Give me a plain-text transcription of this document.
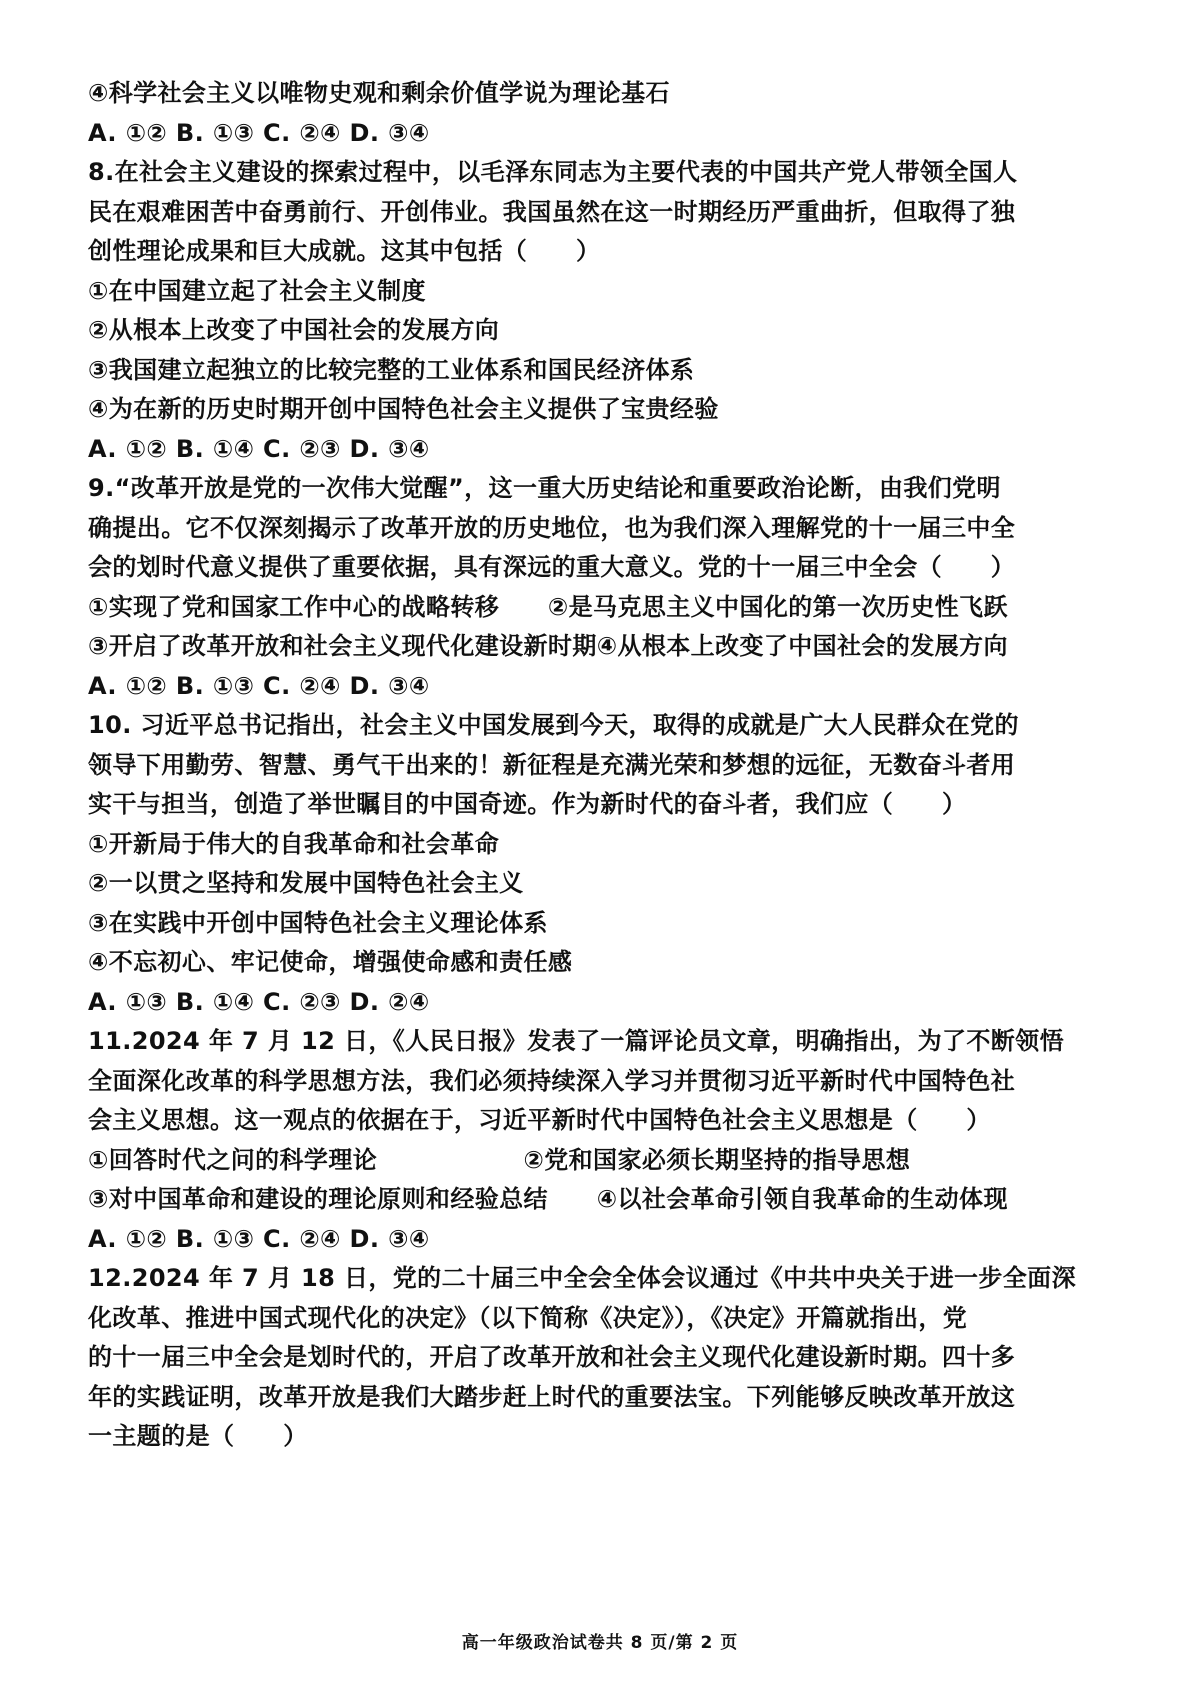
④科学社会主义以唯物史观和剩余价值学说为理论基石
A. ①② B. ①③ C. ②④ D. ③④
8.在社会主义建设的探索过程中，以毛泽东同志为主要代表的中国共产党人带领全国人
民在艰难困苦中奋勇前行、开创伟业。我国虽然在这一时期经历严重曲折，但取得了独
创性理论成果和巨大成就。这其中包括（　　）
①在中国建立起了社会主义制度
②从根本上改变了中国社会的发展方向
③我国建立起独立的比较完整的工业体系和国民经济体系
④为在新的历史时期开创中国特色社会主义提供了宝贵经验
A. ①② B. ①④ C. ②③ D. ③④
9.“改革开放是党的一次伟大觉醒”，这一重大历史结论和重要政治论断，由我们党明
确提出。它不仅深刻揭示了改革开放的历史地位，也为我们深入理解党的十一届三中全
会的划时代意义提供了重要依据，具有深远的重大意义。党的十一届三中全会（　　）
①实现了党和国家工作中心的战略转移　　②是马克思主义中国化的第一次历史性飞跃
③开启了改革开放和社会主义现代化建设新时期④从根本上改变了中国社会的发展方向
A. ①② B. ①③ C. ②④ D. ③④
10. 习近平总书记指出，社会主义中国发展到今天，取得的成就是广大人民群众在党的
领导下用勤劳、智慧、勇气干出来的！新征程是充满光荣和梦想的远征，无数奋斗者用
实干与担当，创造了举世瞩目的中国奇迹。作为新时代的奋斗者，我们应（　　）
①开新局于伟大的自我革命和社会革命
②一以贯之坚持和发展中国特色社会主义
③在实践中开创中国特色社会主义理论体系
④不忘初心、牢记使命，增强使命感和责任感
A. ①③ B. ①④ C. ②③ D. ②④
11.2024 年 7 月 12 日，《人民日报》发表了一篇评论员文章，明确指出，为了不断领悟
全面深化改革的科学思想方法，我们必须持续深入学习并贯彻习近平新时代中国特色社
会主义思想。这一观点的依据在于，习近平新时代中国特色社会主义思想是（　　）
①回答时代之问的科学理论　　　　　　②党和国家必须长期坚持的指导思想
③对中国革命和建设的理论原则和经验总结　　④以社会革命引领自我革命的生动体现
A. ①② B. ①③ C. ②④ D. ③④
12.2024 年 7 月 18 日，党的二十届三中全会全体会议通过《中共中央关于进一步全面深
化改革、推进中国式现代化的决定》（以下简称《决定》），《决定》开篇就指出，党
的十一届三中全会是划时代的，开启了改革开放和社会主义现代化建设新时期。四十多
年的实践证明，改革开放是我们大踏步赶上时代的重要法宝。下列能够反映改革开放这
一主题的是（　　）
高一年级政治试卷共 8 页/第 2 页
